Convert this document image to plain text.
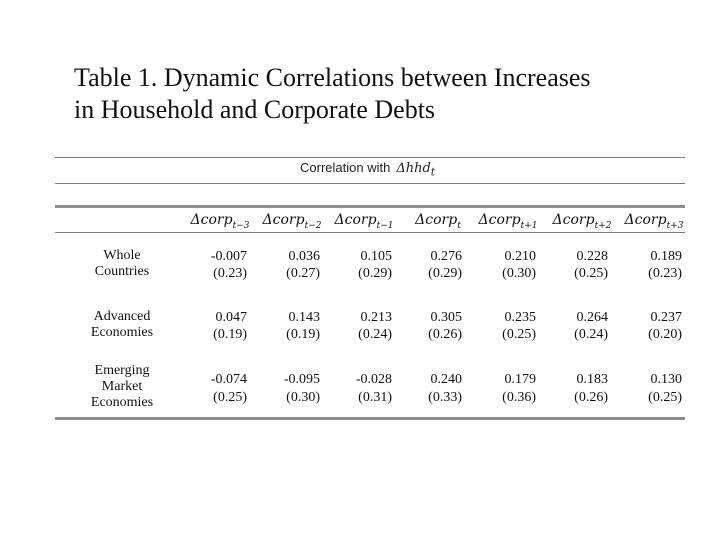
Table 1. Dynamic Correlations between Increases
in Household and Corporate Debts
Correlation with Δhhd$_t$
Δcorp$_{t-3}$ Δcorp$_{t-2}$ Δcorp$_{t-1}$	Δcorp$_t$	Δcorp$_{t+1}$	Δcorp$_{t+2}$ Δcorp$_{t+3}$
Whole
Countries
-0.007	0.036	0.105	0.276	0.210	0.228	0.189
(0.23)	(0.27)	(0.29)	(0.29)	(0.30)	(0.25)	(0.23)
Advanced
Economies
0.047	0.143	0.213	0.305	0.235	0.264	0.237
(0.19)	(0.19)	(0.24)	(0.26)	(0.25)	(0.24)	(0.20)
Emerging
Market
Economies
-0.074	-0.095	-0.028	0.240	0.179	0.183	0.130
(0.25)	(0.30)	(0.31)	(0.33)	(0.36)	(0.26)	(0.25)
